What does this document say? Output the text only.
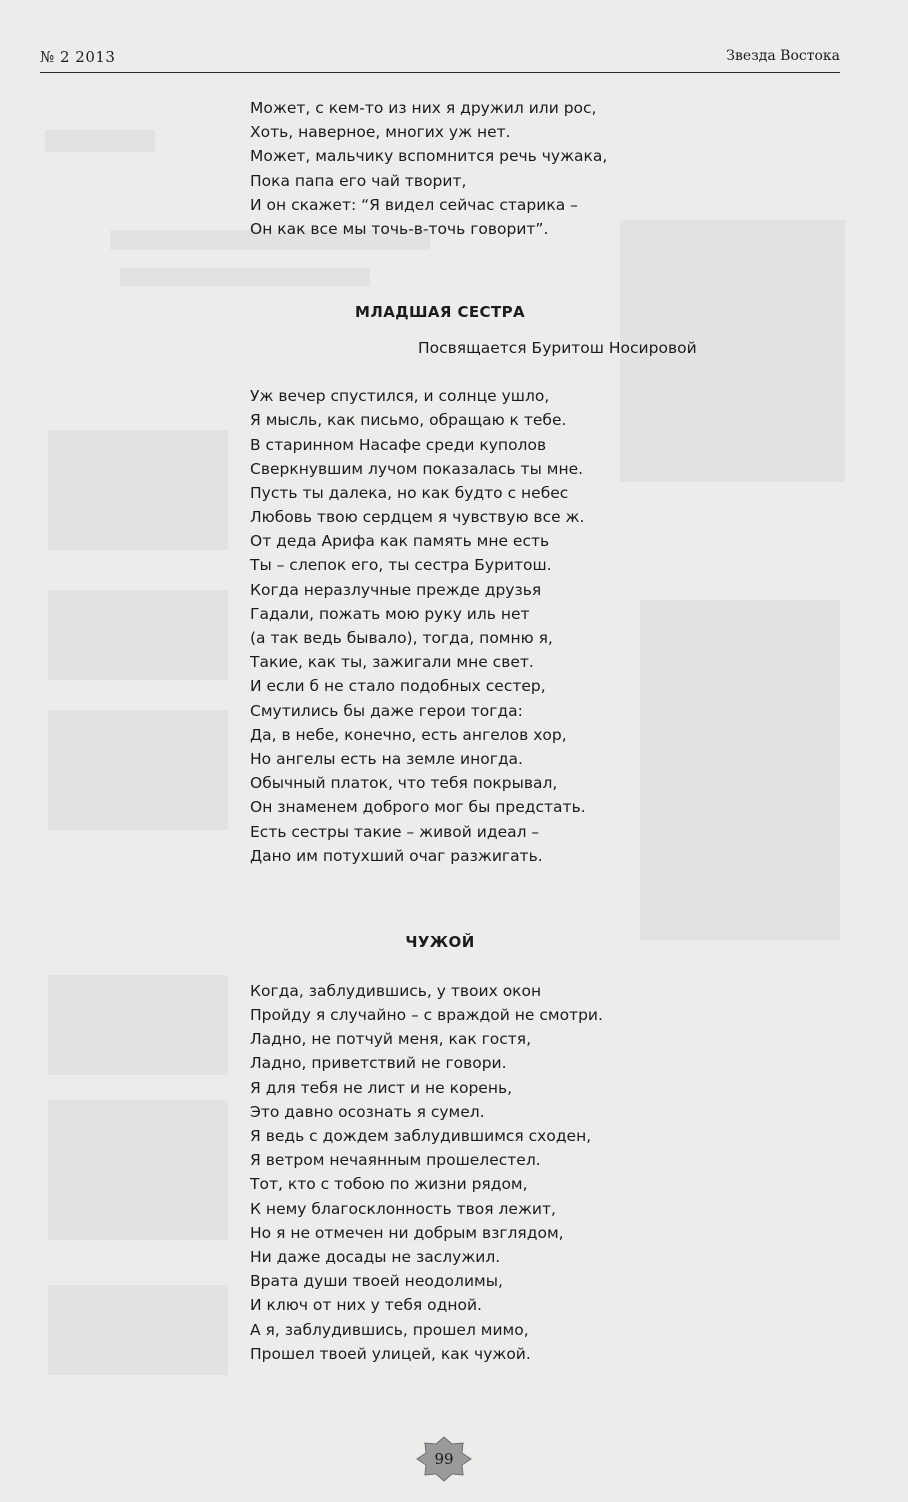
№ 2 2013	Звезда Востока
Может, с кем-то из них я дружил или рос,
Хоть, наверное, многих уж нет.
Может, мальчику вспомнится речь чужака,
Пока папа его чай творит,
И он скажет: “Я видел сейчас старика –
Он как все мы точь-в-точь говорит”.
МЛАДШАЯ СЕСТРА
Посвящается Буритош Носировой
Уж вечер спустился, и солнце ушло,
Я мысль, как письмо, обращаю к тебе.
В старинном Насафе среди куполов
Сверкнувшим лучом показалась ты мне.
Пусть ты далека, но как будто с небес
Любовь твою сердцем я чувствую все ж.
От деда Арифа как память мне есть
Ты – слепок его, ты сестра Буритош.
Когда неразлучные прежде друзья
Гадали, пожать мою руку иль нет
(а так ведь бывало), тогда, помню я,
Такие, как ты, зажигали мне свет.
И если б не стало подобных сестер,
Смутились бы даже герои тогда:
Да, в небе, конечно, есть ангелов хор,
Но ангелы есть на земле иногда.
Обычный платок, что тебя покрывал,
Он знаменем доброго мог бы предстать.
Есть сестры такие – живой идеал –
Дано им потухший очаг разжигать.
ЧУЖОЙ
Когда, заблудившись, у твоих окон
Пройду я случайно – с враждой не смотри.
Ладно, не потчуй меня, как гостя,
Ладно, приветствий не говори.
Я для тебя не лист и не корень,
Это давно осознать я сумел.
Я ведь с дождем заблудившимся сходен,
Я ветром нечаянным прошелестел.
Тот, кто с тобою по жизни рядом,
К нему благосклонность твоя лежит,
Но я не отмечен ни добрым взглядом,
Ни даже досады не заслужил.
Врата души твоей неодолимы,
И ключ от них у тебя одной.
А я, заблудившись, прошел мимо,
Прошел твоей улицей, как чужой.
99
